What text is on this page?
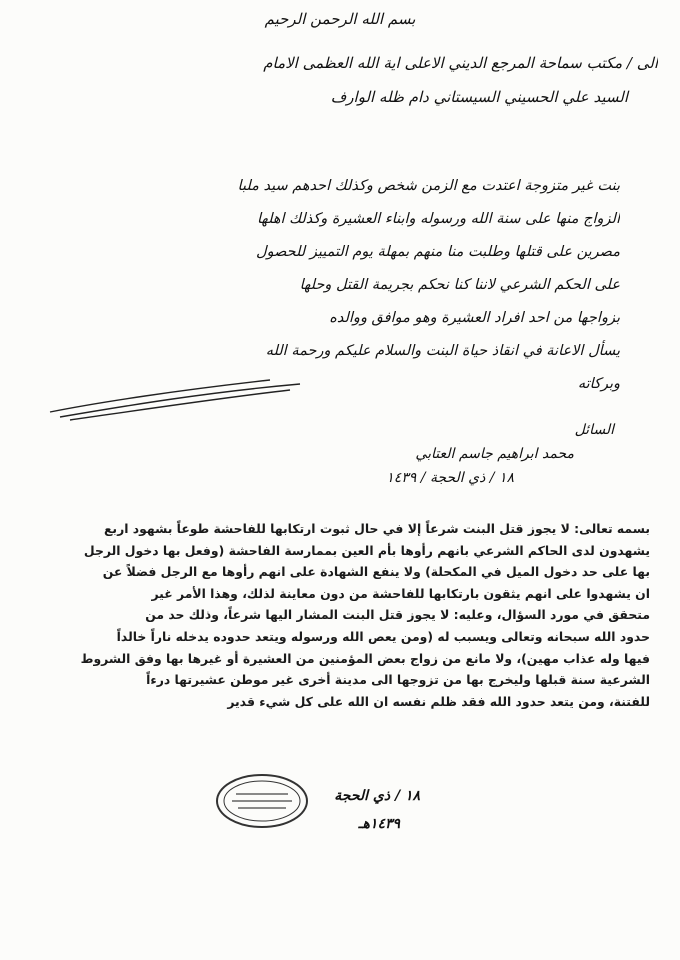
بسم الله الرحمن الرحيم
الى / مكتب سماحة المرجع الديني الاعلى اية الله العظمى الامام
السيد علي الحسيني السيستاني دام ظله الوارف
بنت غير متزوجة اعتدت مع الزمن شخص وكذلك احدهم سيد ملبا
الزواج منها على سنة الله ورسوله وابناء العشيرة وكذلك اهلها
مصرين على قتلها وطلبت منا منهم بمهلة يوم التمييز للحصول
على الحكم الشرعي لاننا كنا نحكم بجريمة القتل وحلها
بزواجها من احد افراد العشيرة وهو موافق ووالده
يسأل الاعانة في انقاذ حياة البنت والسلام عليكم ورحمة الله
وبركاته
السائل
محمد ابراهيم جاسم العتابي
١٨ / ذي الحجة / ١٤٣٩
بسمه تعالى: لا يجوز قتل البنت شرعاً إلا في حال ثبوت ارتكابها للفاحشة طوعاً بشهود اربع
يشهدون لدى الحاكم الشرعي بانهم رأوها بأم العين بممارسة الفاحشة (وفعل بها دخول الرجل
بها على حد دخول الميل في المكحلة) ولا ينفع الشهادة على انهم رأوها مع الرجل فضلاً عن
ان يشهدوا على انهم يثقون بارتكابها للفاحشة من دون معاينة لذلك، وهذا الأمر غير
متحقق في مورد السؤال، وعليه: لا يجوز قتل البنت المشار اليها شرعاً، وذلك حد من
حدود الله سبحانه وتعالى ويسبب له (ومن يعص الله ورسوله ويتعد حدوده يدخله ناراً خالداً
فيها وله عذاب مهين)، ولا مانع من زواج بعض المؤمنين من العشيرة أو غيرها بها وفق الشروط
الشرعية سنة قبلها وليخرج بها من تزوجها الى مدينة أخرى غير موطن عشيرتها درءاً
للفتنة، ومن يتعد حدود الله فقد ظلم نفسه ان الله على كل شيء قدير
١٨ / ذي الحجة
١٤٣٩هـ
